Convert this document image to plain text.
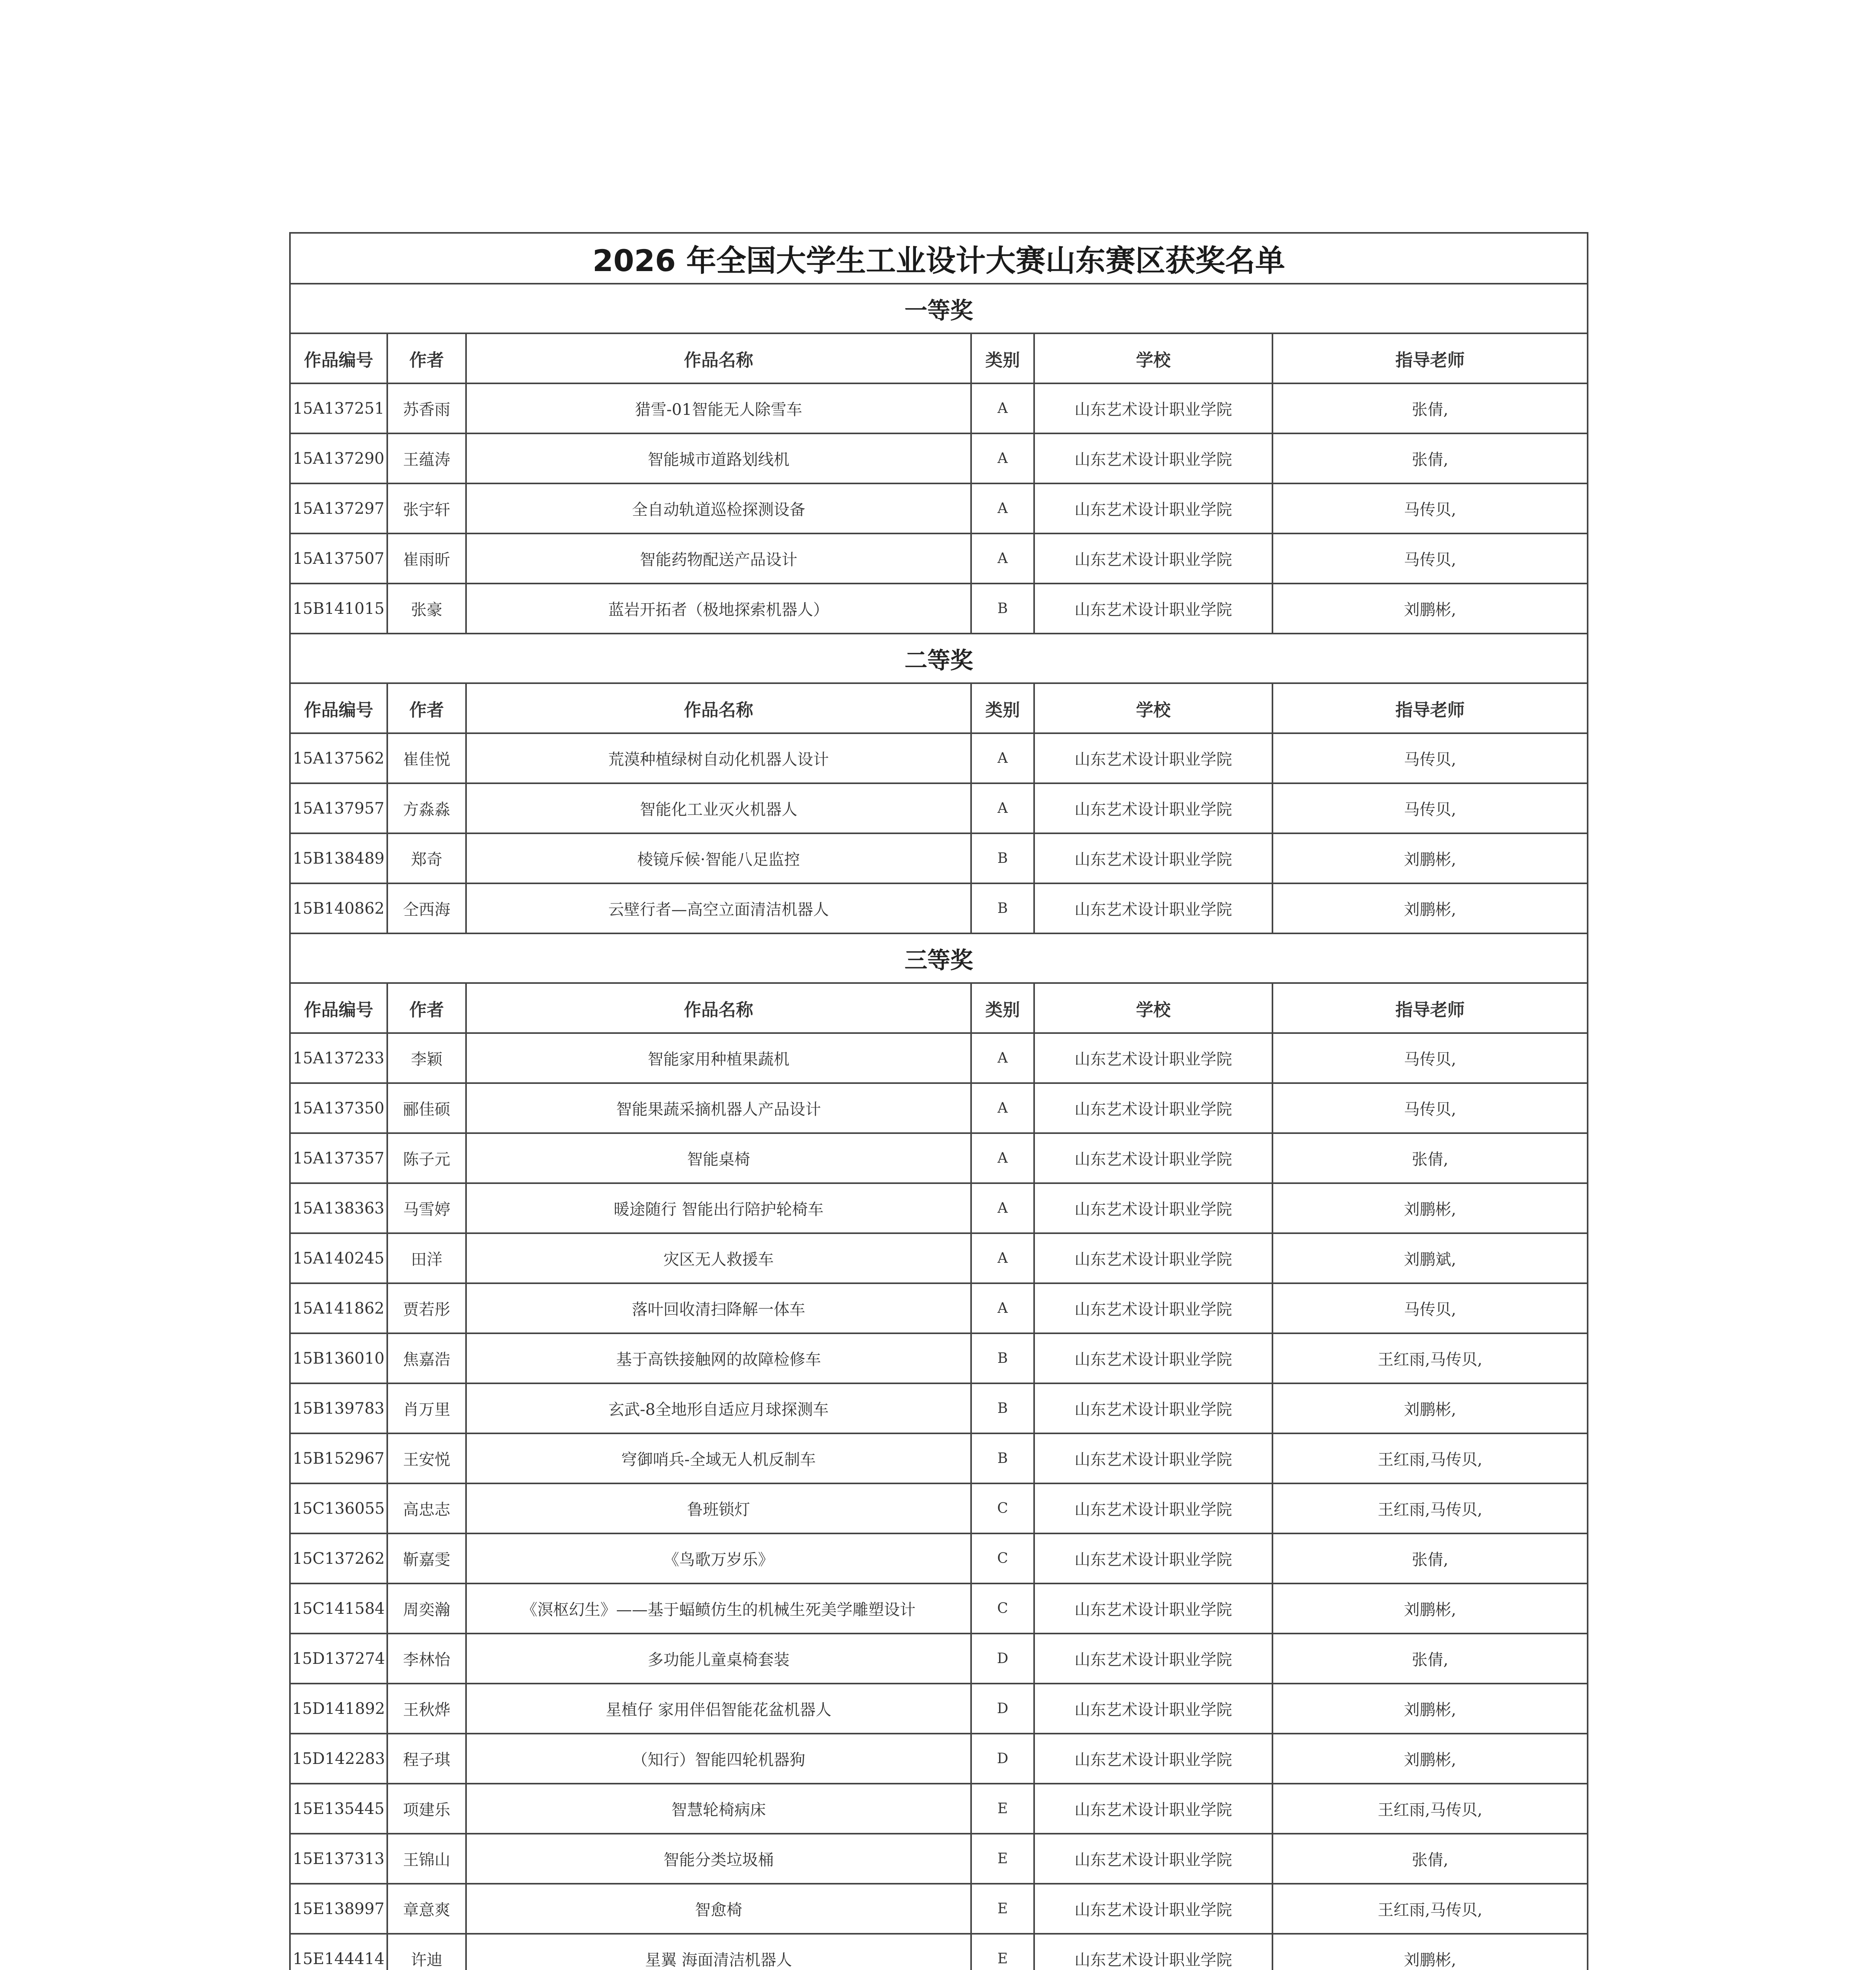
2026 年全国大学生工业设计大赛山东赛区获奖名单					
一等奖					
作品编号	作者	作品名称	类别	学校	指导老师
15A137251	苏香雨	猎雪-01智能无人除雪车	A	山东艺术设计职业学院	张倩,
15A137290	王蕴涛	智能城市道路划线机	A	山东艺术设计职业学院	张倩,
15A137297	张宇轩	全自动轨道巡检探测设备	A	山东艺术设计职业学院	马传贝,
15A137507	崔雨昕	智能药物配送产品设计	A	山东艺术设计职业学院	马传贝,
15B141015	张豪	蓝岩开拓者（极地探索机器人）	B	山东艺术设计职业学院	刘鹏彬,
二等奖					
作品编号	作者	作品名称	类别	学校	指导老师
15A137562	崔佳悦	荒漠种植绿树自动化机器人设计	A	山东艺术设计职业学院	马传贝,
15A137957	方淼淼	智能化工业灭火机器人	A	山东艺术设计职业学院	马传贝,
15B138489	郑奇	棱镜斥候·智能八足监控	B	山东艺术设计职业学院	刘鹏彬,
15B140862	仝西海	云壁行者—高空立面清洁机器人	B	山东艺术设计职业学院	刘鹏彬,
三等奖					
作品编号	作者	作品名称	类别	学校	指导老师
15A137233	李颖	智能家用种植果蔬机	A	山东艺术设计职业学院	马传贝,
15A137350	郦佳硕	智能果蔬采摘机器人产品设计	A	山东艺术设计职业学院	马传贝,
15A137357	陈子元	智能桌椅	A	山东艺术设计职业学院	张倩,
15A138363	马雪婷	暖途随行 智能出行陪护轮椅车	A	山东艺术设计职业学院	刘鹏彬,
15A140245	田洋	灾区无人救援车	A	山东艺术设计职业学院	刘鹏斌,
15A141862	贾若彤	落叶回收清扫降解一体车	A	山东艺术设计职业学院	马传贝,
15B136010	焦嘉浩	基于高铁接触网的故障检修车	B	山东艺术设计职业学院	王红雨,马传贝,
15B139783	肖万里	玄武-8全地形自适应月球探测车	B	山东艺术设计职业学院	刘鹏彬,
15B152967	王安悦	穹御哨兵-全域无人机反制车	B	山东艺术设计职业学院	王红雨,马传贝,
15C136055	高忠志	鲁班锁灯	C	山东艺术设计职业学院	王红雨,马传贝,
15C137262	靳嘉雯	《鸟歌万岁乐》	C	山东艺术设计职业学院	张倩,
15C141584	周奕瀚	《溟枢幻生》——基于蝠鲼仿生的机械生死美学雕塑设计	C	山东艺术设计职业学院	刘鹏彬,
15D137274	李林怡	多功能儿童桌椅套装	D	山东艺术设计职业学院	张倩,
15D141892	王秋烨	星植仔 家用伴侣智能花盆机器人	D	山东艺术设计职业学院	刘鹏彬,
15D142283	程子琪	（知行）智能四轮机器狗	D	山东艺术设计职业学院	刘鹏彬,
15E135445	项建乐	智慧轮椅病床	E	山东艺术设计职业学院	王红雨,马传贝,
15E137313	王锦山	智能分类垃圾桶	E	山东艺术设计职业学院	张倩,
15E138997	章意爽	智愈椅	E	山东艺术设计职业学院	王红雨,马传贝,
15E144414	许迪	星翼 海面清洁机器人	E	山东艺术设计职业学院	刘鹏彬,
